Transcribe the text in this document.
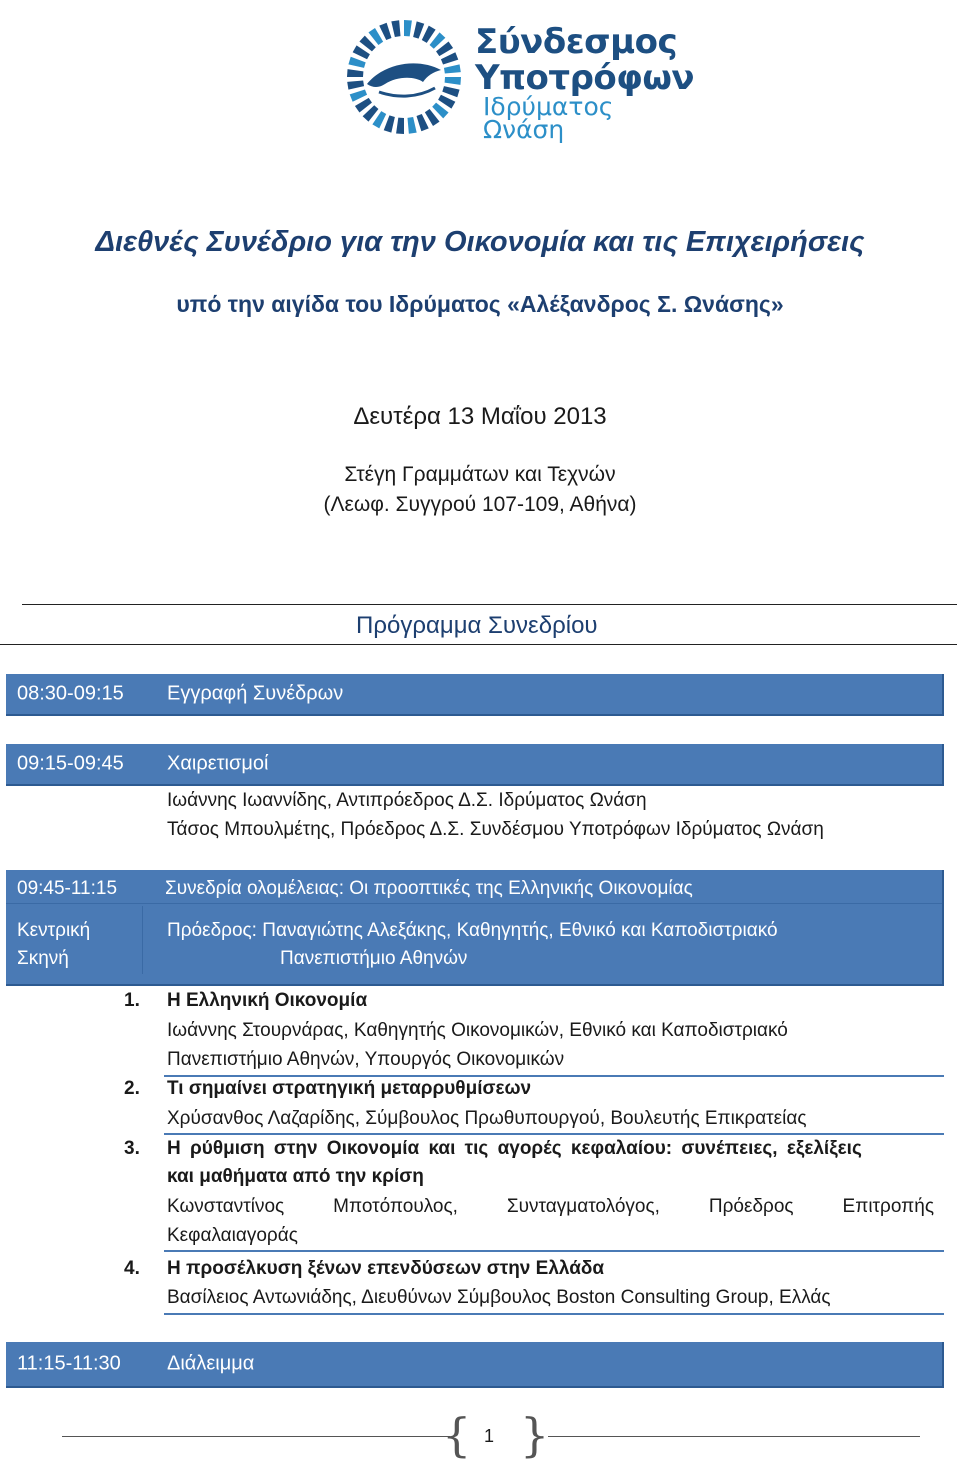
Σύνδεσμος
Υποτρόφων
Ιδρύματος
Ωνάση
Διεθνές Συνέδριο για την Οικονομία και τις Επιχειρήσεις
υπό την αιγίδα του Ιδρύματος «Αλέξανδρος Σ. Ωνάσης»
Δευτέρα 13 Μαΐου 2013
Στέγη Γραμμάτων και Τεχνών
(Λεωφ. Συγγρού 107-109, Αθήνα)
Πρόγραμμα Συνεδρίου
08:30-09:15 Εγγραφή Συνέδρων
09:15-09:45 Χαιρετισμοί
Ιωάννης Ιωαννίδης, Αντιπρόεδρος Δ.Σ. Ιδρύματος Ωνάση
Τάσος Μπουλμέτης, Πρόεδρος Δ.Σ. Συνδέσμου Υποτρόφων Ιδρύματος Ωνάση
09:45-11:15	Συνεδρία ολομέλειας: Οι προοπτικές της Ελληνικής Οικονομίας
Κεντρική
Σκηνή
Πρόεδρος: Παναγιώτης Αλεξάκης, Καθηγητής, Εθνικό και Καποδιστριακό
Πανεπιστήμιο Αθηνών
1. Η Ελληνική Οικονομία
Ιωάννης Στουρνάρας, Καθηγητής Οικονομικών, Εθνικό και Καποδιστριακό
Πανεπιστήμιο Αθηνών, Υπουργός Οικονομικών
2. Τι σημαίνει στρατηγική μεταρρυθμίσεων
Χρύσανθος Λαζαρίδης, Σύμβουλος Πρωθυπουργού, Βουλευτής Επικρατείας
3. Η ρύθμιση στην Οικονομία και τις αγορές κεφαλαίου: συνέπειες, εξελίξεις
και μαθήματα από την κρίση
Κωνσταντίνος Μποτόπουλος, Συνταγματολόγος, Πρόεδρος Επιτροπής
Κεφαλαιαγοράς
4. Η προσέλκυση ξένων επενδύσεων στην Ελλάδα
Βασίλειος Αντωνιάδης, Διευθύνων Σύμβουλος Boston Consulting Group, Ελλάς
11:15-11:30 Διάλειμμα
{ 1 }
